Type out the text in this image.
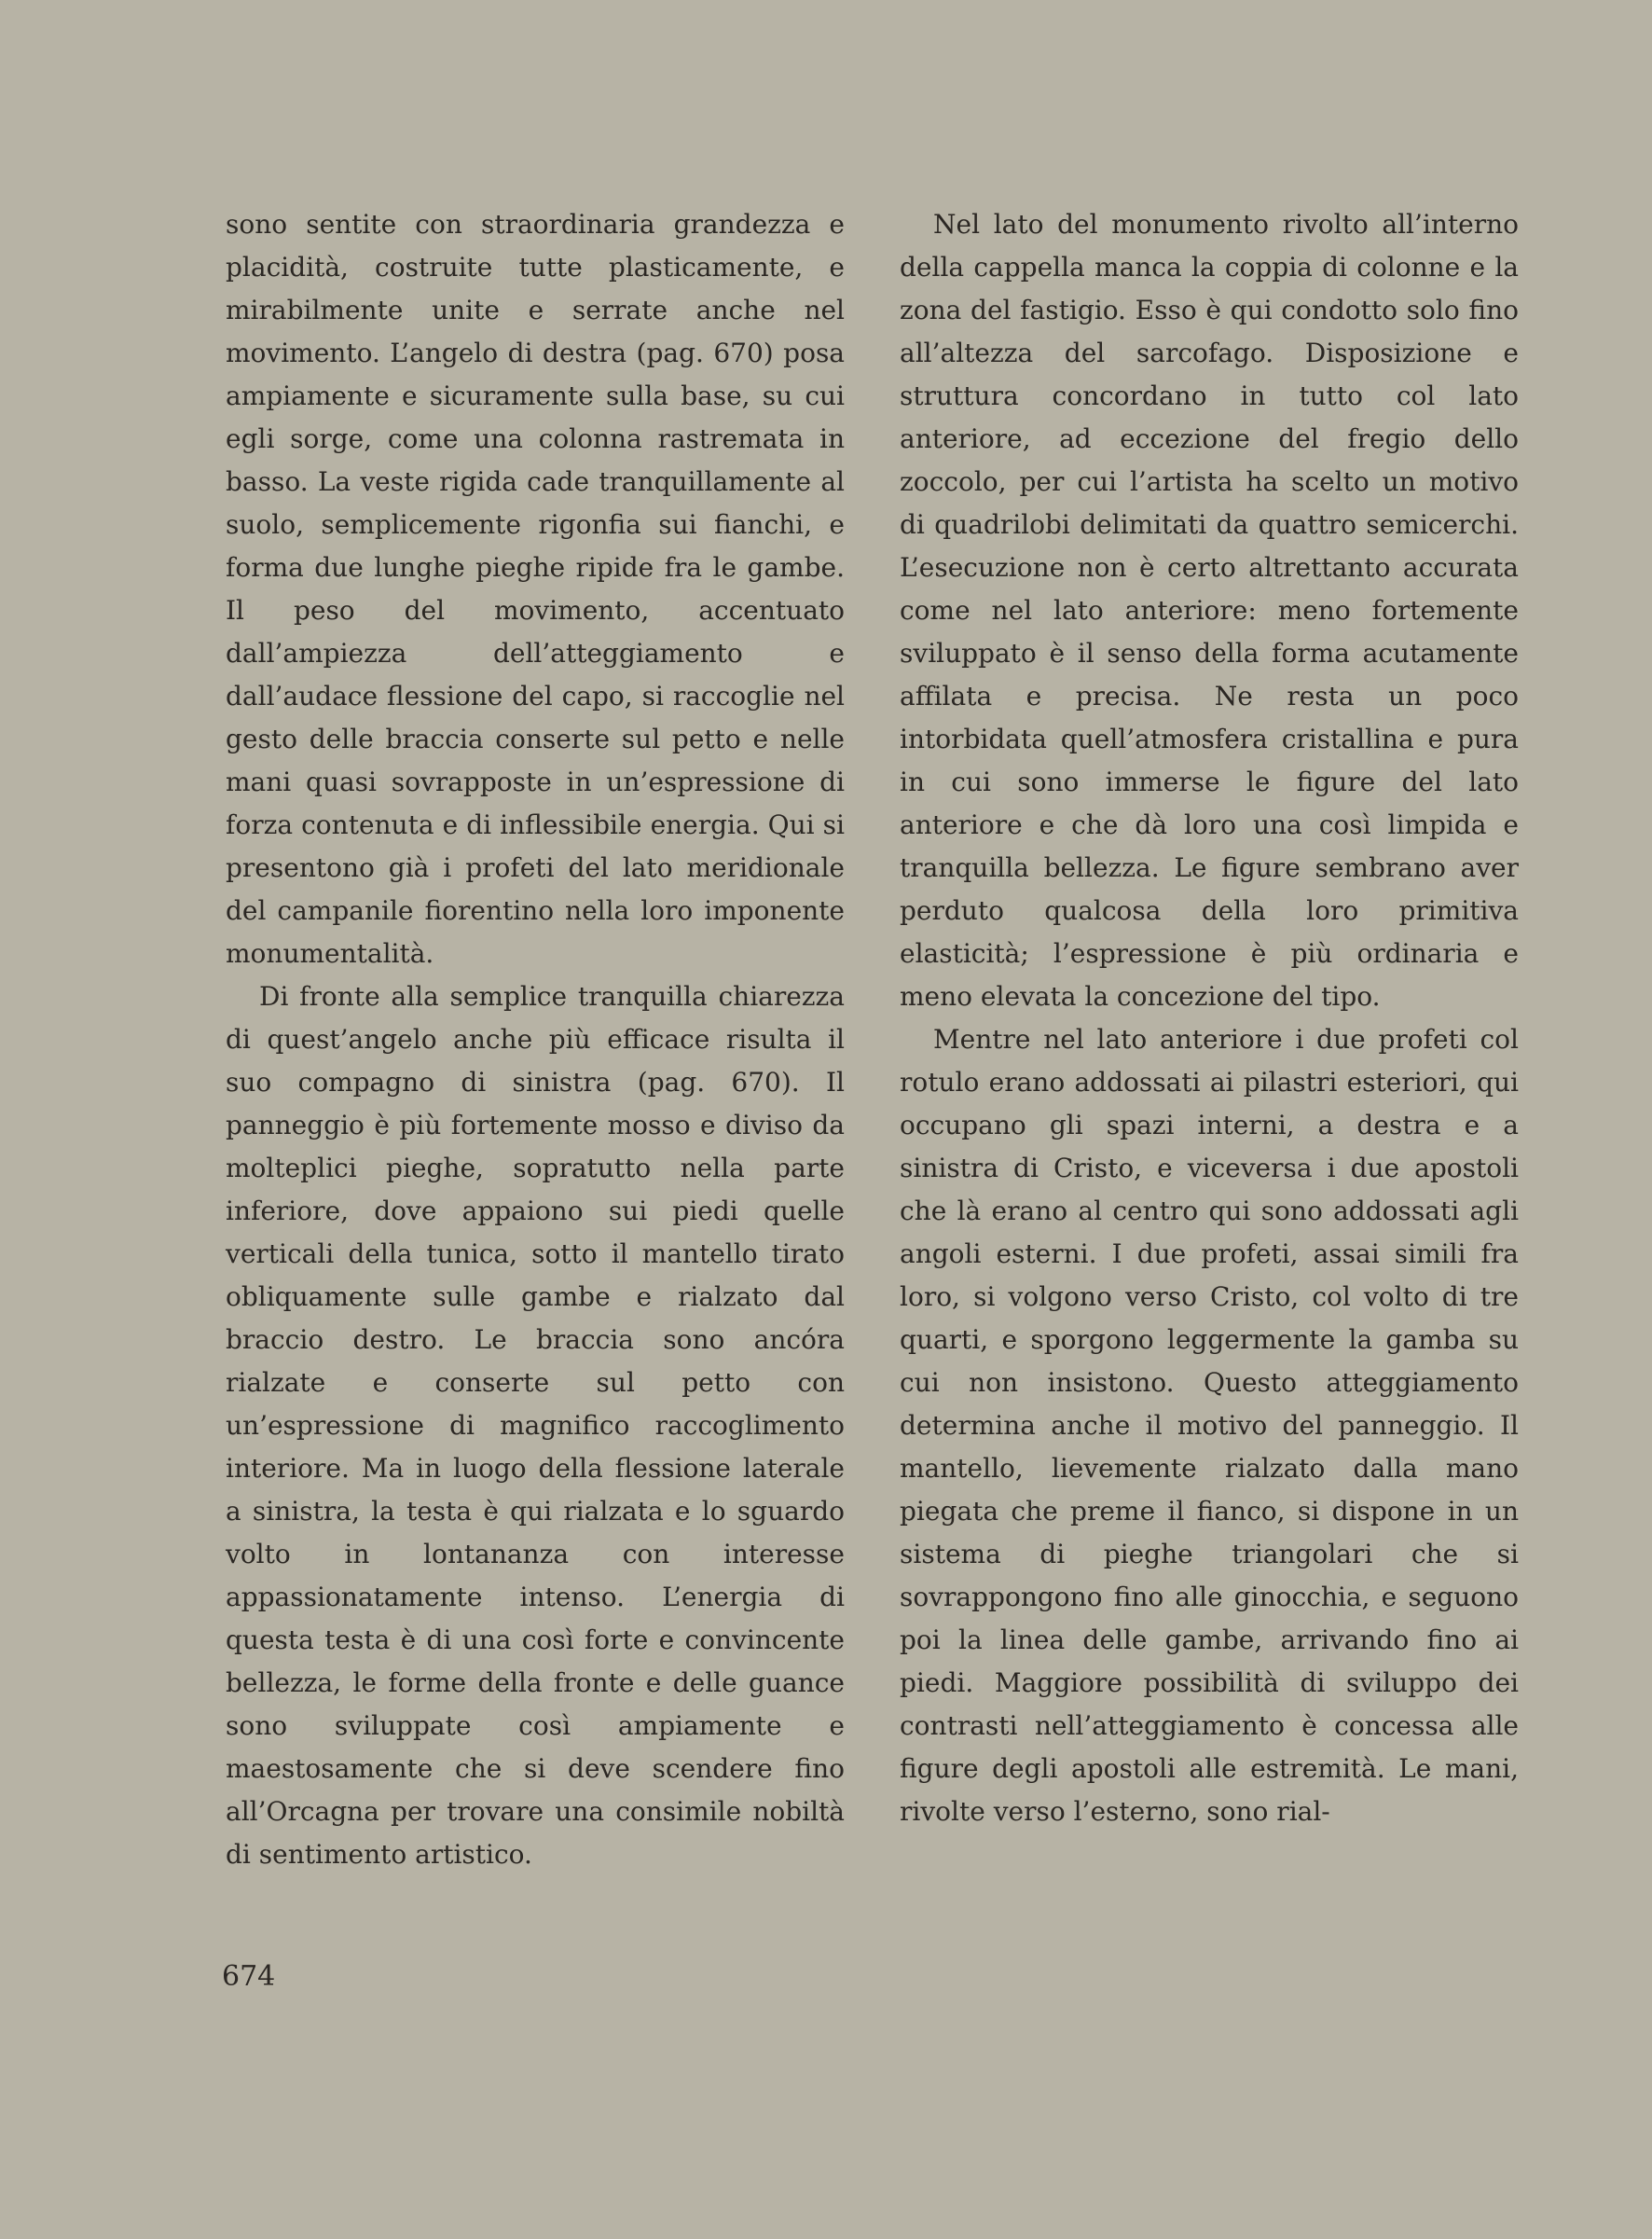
sono sentite con straordinaria grandezza e placidità, costruite tutte plasticamente, e mirabilmente unite e serrate anche nel movimento. L’angelo di destra (pag. 670) posa ampiamente e sicuramente sulla base, su cui egli sorge, come una colonna rastremata in basso. La veste rigida cade tranquillamente al suolo, semplicemente rigonfia sui fianchi, e forma due lunghe pieghe ripide fra le gambe. Il peso del movimento, accentuato dall’ampiezza dell’atteggiamento e dall’audace flessione del capo, si raccoglie nel gesto delle braccia conserte sul petto e nelle mani quasi sovrapposte in un’espressione di forza contenuta e di inflessibile energia. Qui si presentono già i profeti del lato meridionale del campanile fiorentino nella loro imponente monumentalità.

Di fronte alla semplice tranquilla chiarezza di quest’angelo anche più efficace risulta il suo compagno di sinistra (pag. 670). Il panneggio è più fortemente mosso e diviso da molteplici pieghe, sopratutto nella parte inferiore, dove appaiono sui piedi quelle verticali della tunica, sotto il mantello tirato obliquamente sulle gambe e rialzato dal braccio destro. Le braccia sono ancóra rialzate e conserte sul petto con un’espressione di magnifico raccoglimento interiore. Ma in luogo della flessione laterale a sinistra, la testa è qui rialzata e lo sguardo volto in lontananza con interesse appassionatamente intenso. L’energia di questa testa è di una così forte e convincente bellezza, le forme della fronte e delle guance sono sviluppate così ampiamente e maestosamente che si deve scendere fino all’Orcagna per trovare una consimile nobiltà di sentimento artistico.

Nel lato del monumento rivolto all’interno della cappella manca la coppia di colonne e la zona del fastigio. Esso è qui condotto solo fino all’altezza del sarcofago. Disposizione e struttura concordano in tutto col lato anteriore, ad eccezione del fregio dello zoccolo, per cui l’artista ha scelto un motivo di quadrilobi delimitati da quattro semicerchi. L’esecuzione non è certo altrettanto accurata come nel lato anteriore: meno fortemente sviluppato è il senso della forma acutamente affilata e precisa. Ne resta un poco intorbidata quell’atmosfera cristallina e pura in cui sono immerse le figure del lato anteriore e che dà loro una così limpida e tranquilla bellezza. Le figure sembrano aver perduto qualcosa della loro primitiva elasticità; l’espressione è più ordinaria e meno elevata la concezione del tipo.

Mentre nel lato anteriore i due profeti col rotulo erano addossati ai pilastri esteriori, qui occupano gli spazi interni, a destra e a sinistra di Cristo, e viceversa i due apostoli che là erano al centro qui sono addossati agli angoli esterni. I due profeti, assai simili fra loro, si volgono verso Cristo, col volto di tre quarti, e sporgono leggermente la gamba su cui non insistono. Questo atteggiamento determina anche il motivo del panneggio. Il mantello, lievemente rialzato dalla mano piegata che preme il fianco, si dispone in un sistema di pieghe triangolari che si sovrappongono fino alle ginocchia, e seguono poi la linea delle gambe, arrivando fino ai piedi. Maggiore possibilità di sviluppo dei contrasti nell’atteggiamento è concessa alle figure degli apostoli alle estremità. Le mani, rivolte verso l’esterno, sono rial-

674
